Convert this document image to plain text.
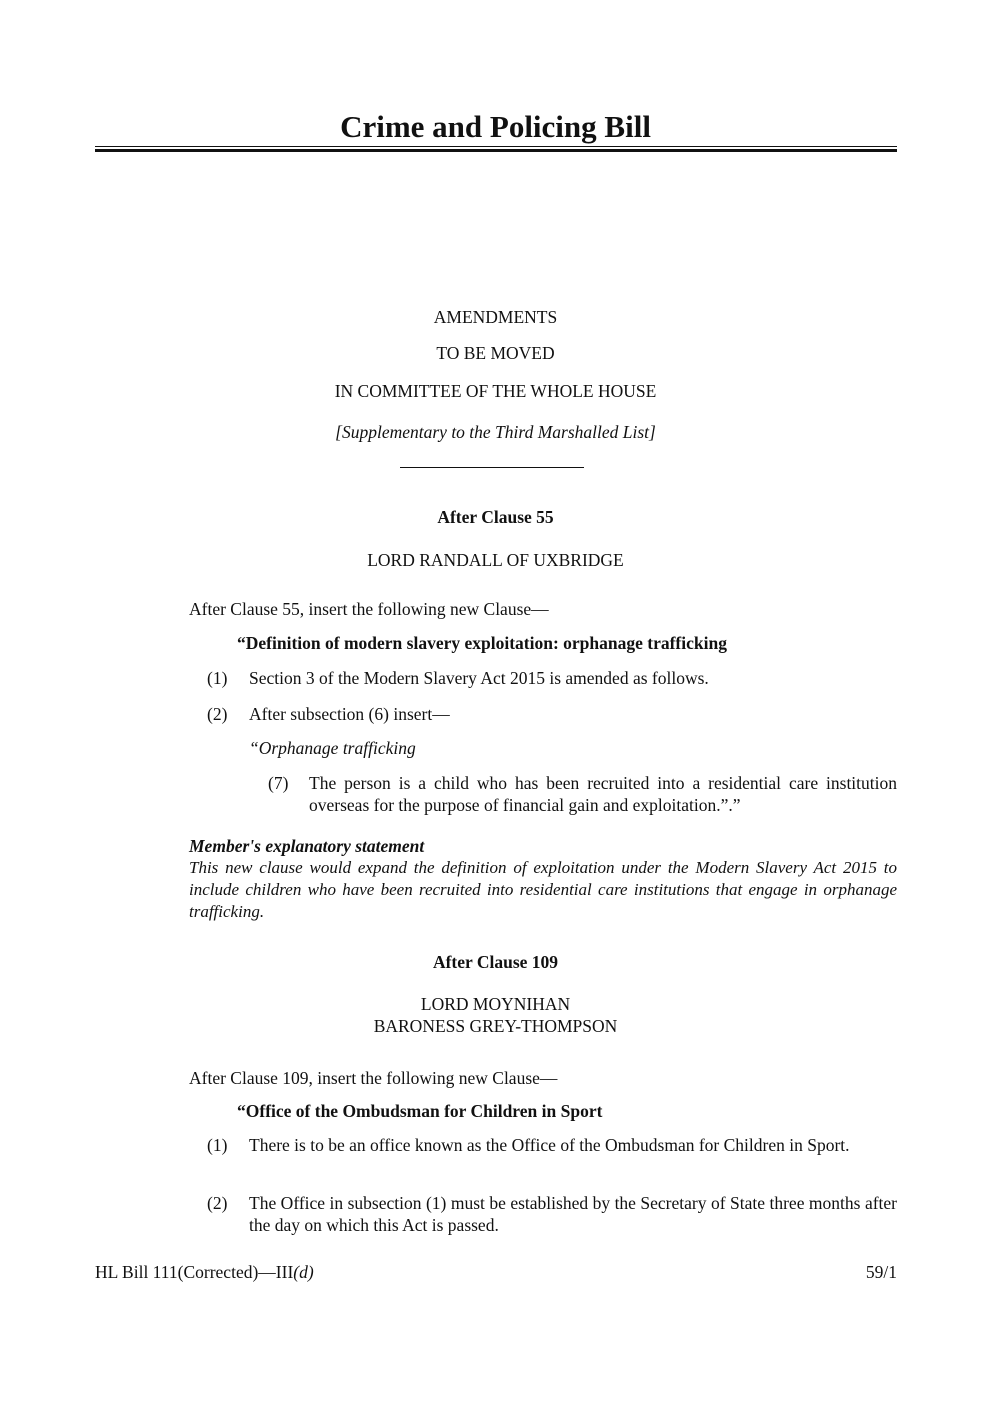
Crime and Policing Bill
AMENDMENTS
TO BE MOVED
IN COMMITTEE OF THE WHOLE HOUSE
[Supplementary to the Third Marshalled List]
After Clause 55
LORD RANDALL OF UXBRIDGE
After Clause 55, insert the following new Clause—
“Definition of modern slavery exploitation: orphanage trafficking
(1) Section 3 of the Modern Slavery Act 2015 is amended as follows.
(2) After subsection (6) insert—
“Orphanage trafficking
(7) The person is a child who has been recruited into a residential care institution overseas for the purpose of financial gain and exploitation.”.”
Member's explanatory statement
This new clause would expand the definition of exploitation under the Modern Slavery Act 2015 to include children who have been recruited into residential care institutions that engage in orphanage trafficking.
After Clause 109
LORD MOYNIHAN
BARONESS GREY-THOMPSON
After Clause 109, insert the following new Clause—
“Office of the Ombudsman for Children in Sport
(1) There is to be an office known as the Office of the Ombudsman for Children in Sport.
(2) The Office in subsection (1) must be established by the Secretary of State three months after the day on which this Act is passed.
HL Bill 111(Corrected)—III(d)	59/1
